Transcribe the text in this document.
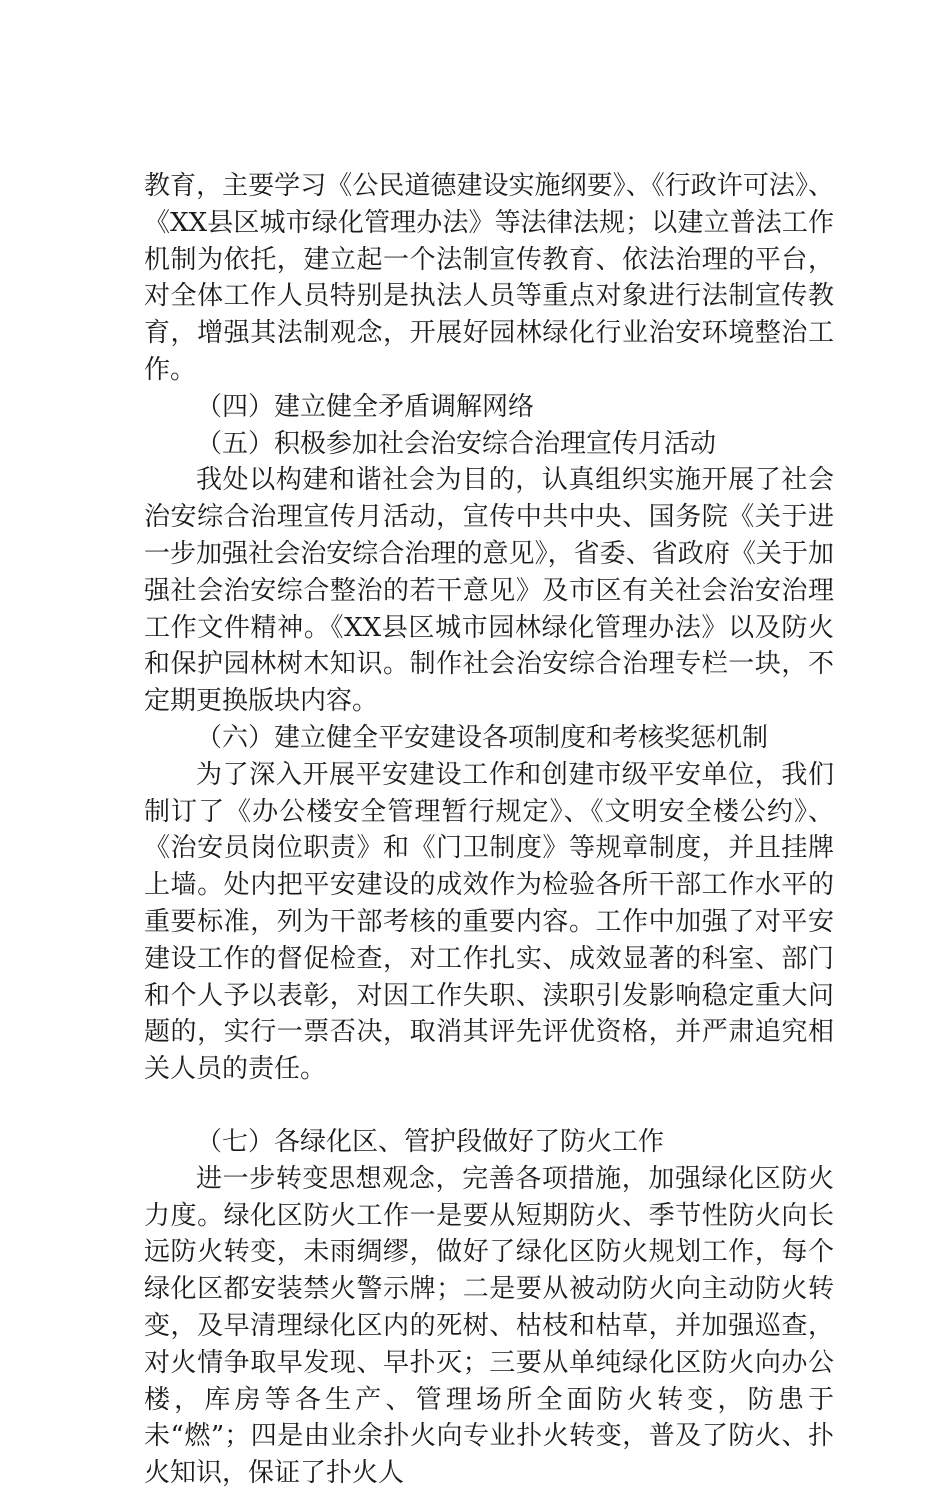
教育，主要学习《公民道德建设实施纲要》、《行政许可法》、《XX县区城市绿化管理办法》等法律法规；以建立普法工作机制为依托，建立起一个法制宣传教育、依法治理的平台，对全体工作人员特别是执法人员等重点对象进行法制宣传教育，增强其法制观念，开展好园林绿化行业治安环境整治工作。

（四）建立健全矛盾调解网络

（五）积极参加社会治安综合治理宣传月活动

我处以构建和谐社会为目的，认真组织实施开展了社会治安综合治理宣传月活动，宣传中共中央、国务院《关于进一步加强社会治安综合治理的意见》，省委、省政府《关于加强社会治安综合整治的若干意见》及市区有关社会治安治理工作文件精神。《XX县区城市园林绿化管理办法》以及防火和保护园林树木知识。制作社会治安综合治理专栏一块，不定期更换版块内容。

（六）建立健全平安建设各项制度和考核奖惩机制

为了深入开展平安建设工作和创建市级平安单位，我们制订了《办公楼安全管理暂行规定》、《文明安全楼公约》、《治安员岗位职责》和《门卫制度》等规章制度，并且挂牌上墙。处内把平安建设的成效作为检验各所干部工作水平的重要标准，列为干部考核的重要内容。工作中加强了对平安建设工作的督促检查，对工作扎实、成效显著的科室、部门和个人予以表彰，对因工作失职、渎职引发影响稳定重大问题的，实行一票否决，取消其评先评优资格，并严肃追究相关人员的责任。

（七）各绿化区、管护段做好了防火工作

进一步转变思想观念，完善各项措施，加强绿化区防火力度。绿化区防火工作一是要从短期防火、季节性防火向长远防火转变，未雨绸缪，做好了绿化区防火规划工作，每个绿化区都安装禁火警示牌；二是要从被动防火向主动防火转变，及早清理绿化区内的死树、枯枝和枯草，并加强巡查，对火情争取早发现、早扑灭；三要从单纯绿化区防火向办公楼，库房等各生产、管理场所全面防火转变，防患于未“燃”；四是由业余扑火向专业扑火转变，普及了防火、扑火知识，保证了扑火人
